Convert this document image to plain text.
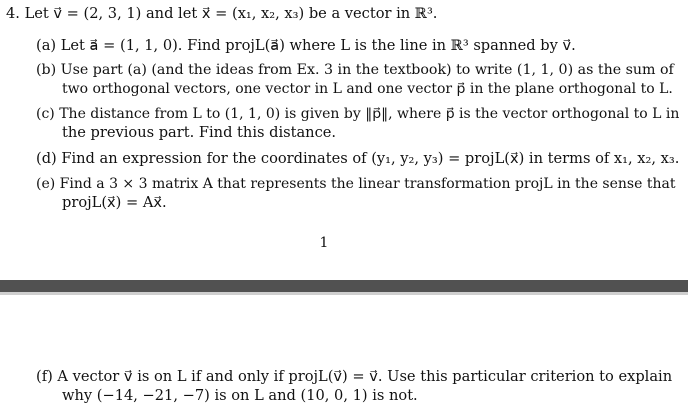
4. Let v⃗ = (2, 3, 1) and let x⃗ = (x₁, x₂, x₃) be a vector in ℝ³.
(a) Let a⃗ = (1, 1, 0). Find projL(a⃗) where L is the line in ℝ³ spanned by v⃗.
(b) Use part (a) (and the ideas from Ex. 3 in the textbook) to write (1, 1, 0) as the sum of
two orthogonal vectors, one vector in L and one vector p⃗ in the plane orthogonal to L.
(c) The distance from L to (1, 1, 0) is given by ‖p⃗‖, where p⃗ is the vector orthogonal to L in
the previous part. Find this distance.
(d) Find an expression for the coordinates of (y₁, y₂, y₃) = projL(x⃗) in terms of x₁, x₂, x₃.
(e) Find a 3 × 3 matrix A that represents the linear transformation projL in the sense that
projL(x⃗) = Ax⃗.
1
(f) A vector v⃗ is on L if and only if projL(v⃗) = v⃗. Use this particular criterion to explain
why (−14, −21, −7) is on L and (10, 0, 1) is not.
